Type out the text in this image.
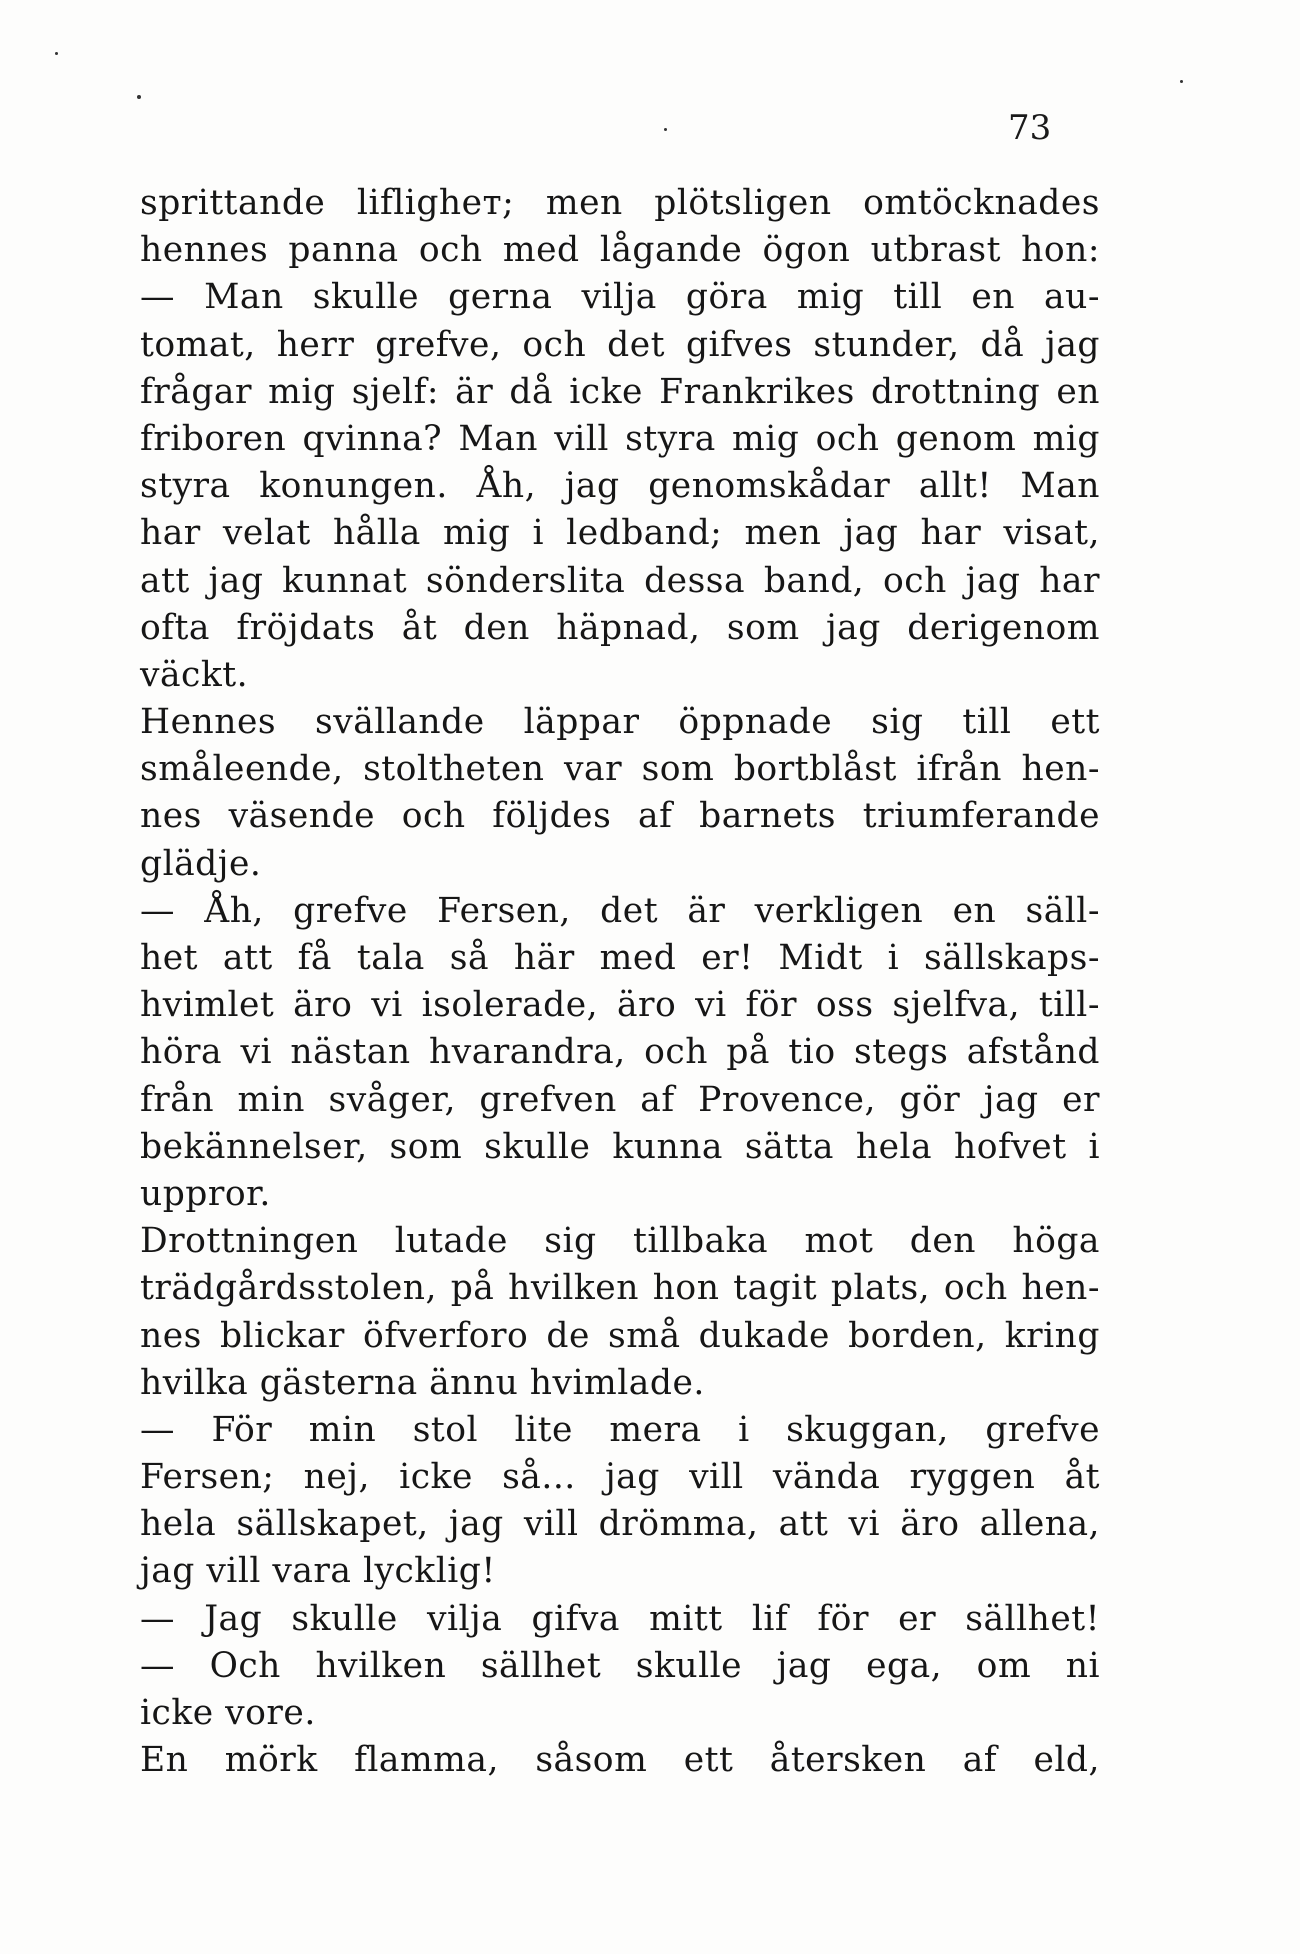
73
sprittande lifligheт; men plötsligen omtöcknades
hennes panna och med lågande ögon utbrast hon:
— Man skulle gerna vilja göra mig till en au-
tomat, herr grefve, och det gifves stunder, då jag
frågar mig sjelf: är då icke Frankrikes drottning en
friboren qvinna? Man vill styra mig och genom mig
styra konungen. Åh, jag genomskådar allt! Man
har velat hålla mig i ledband; men jag har visat,
att jag kunnat sönderslita dessa band, och jag har
ofta fröjdats åt den häpnad, som jag derigenom
väckt.
Hennes svällande läppar öppnade sig till ett
småleende, stoltheten var som bortblåst ifrån hen-
nes väsende och följdes af barnets triumferande
glädje.
— Åh, grefve Fersen, det är verkligen en säll-
het att få tala så här med er! Midt i sällskaps-
hvimlet äro vi isolerade, äro vi för oss sjelfva, till-
höra vi nästan hvarandra, och på tio stegs afstånd
från min svåger, grefven af Provence, gör jag er
bekännelser, som skulle kunna sätta hela hofvet i
uppror.
Drottningen lutade sig tillbaka mot den höga
trädgårdsstolen, på hvilken hon tagit plats, och hen-
nes blickar öfverforo de små dukade borden, kring
hvilka gästerna ännu hvimlade.
— För min stol lite mera i skuggan, grefve
Fersen; nej, icke så... jag vill vända ryggen åt
hela sällskapet, jag vill drömma, att vi äro allena,
jag vill vara lycklig!
— Jag skulle vilja gifva mitt lif för er sällhet!
— Och hvilken sällhet skulle jag ega, om ni
icke vore.
En mörk flamma, såsom ett återsken af eld,
